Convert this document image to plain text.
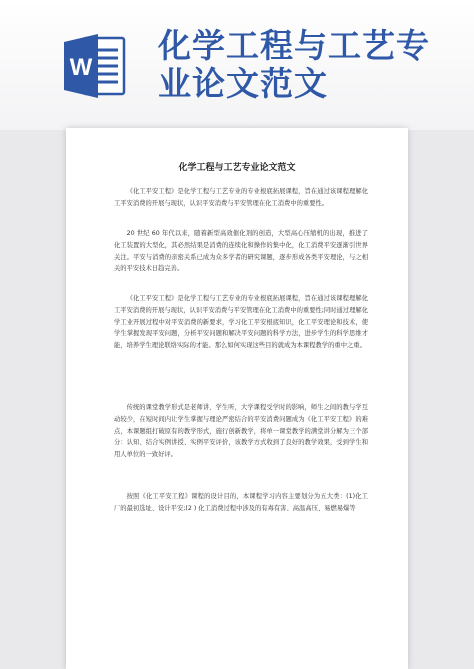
W
化学工程与工艺专业论文范文
化学工程与工艺专业论文范文

《化工平安工程》是化学工程与工艺专业的专业根底拓展课程，旨在通过该课程理解化工平安消费的开展与现状，认识平安消费与平安管理在化工消费中的重要性。

20 世纪 60 年代以来，随着新型高效催化剂的创造，大型高心压缩机的出现，推进了化工装置的大型化，其必然结果是消费的连续化和操作的集中化，化工消费平安逐渐引世界关注。平安与消费的亲密关系已成为众多学者的研究课题，逐步形成各类平安理论，与之相关的平安技术日趋完善。

《化工平安工程》是化学工程与工艺专业的专业根底拓展课程，旨在通过该课程理解化工平安消费的开展与现状，认识平安消费与平安管理在化工消费中的重要性;同时通过理解化学工业开展过程中对平安消费的新要求，学习化工平安根底知识，化工平安理论和技术，使学生掌握发现平安问题，分析平安问题和解决平安问题的科学方法，进步学生的科学思维才能，培养学生理论联络实际的才能。那么如何实现这些目的就成为本课程教学的重中之重。

传统的课堂教学形式是老师讲、学生听，大学课程受学时的影响，师生之间的教与学互动较少，在短时间内让学生掌握与理论严密结合的平安消费问题成为《化工平安工程》的难点，本课题组打破原有的教学形式，施行创新教学，将单一课堂教学的满堂讲分解为三个部分：认知、结合实例讲授、实例平安评价，该教学方式收到了良好的教学效果，受到学生和用人单位的一致好评。

按照《化工平安工程》课程的设计目的，本课程学习内容主要划分为五大类：(1)化工厂的最初选址、设计平安;(2 ) 化工消费过程中涉及的有毒有害、高温高压、易燃易爆等
